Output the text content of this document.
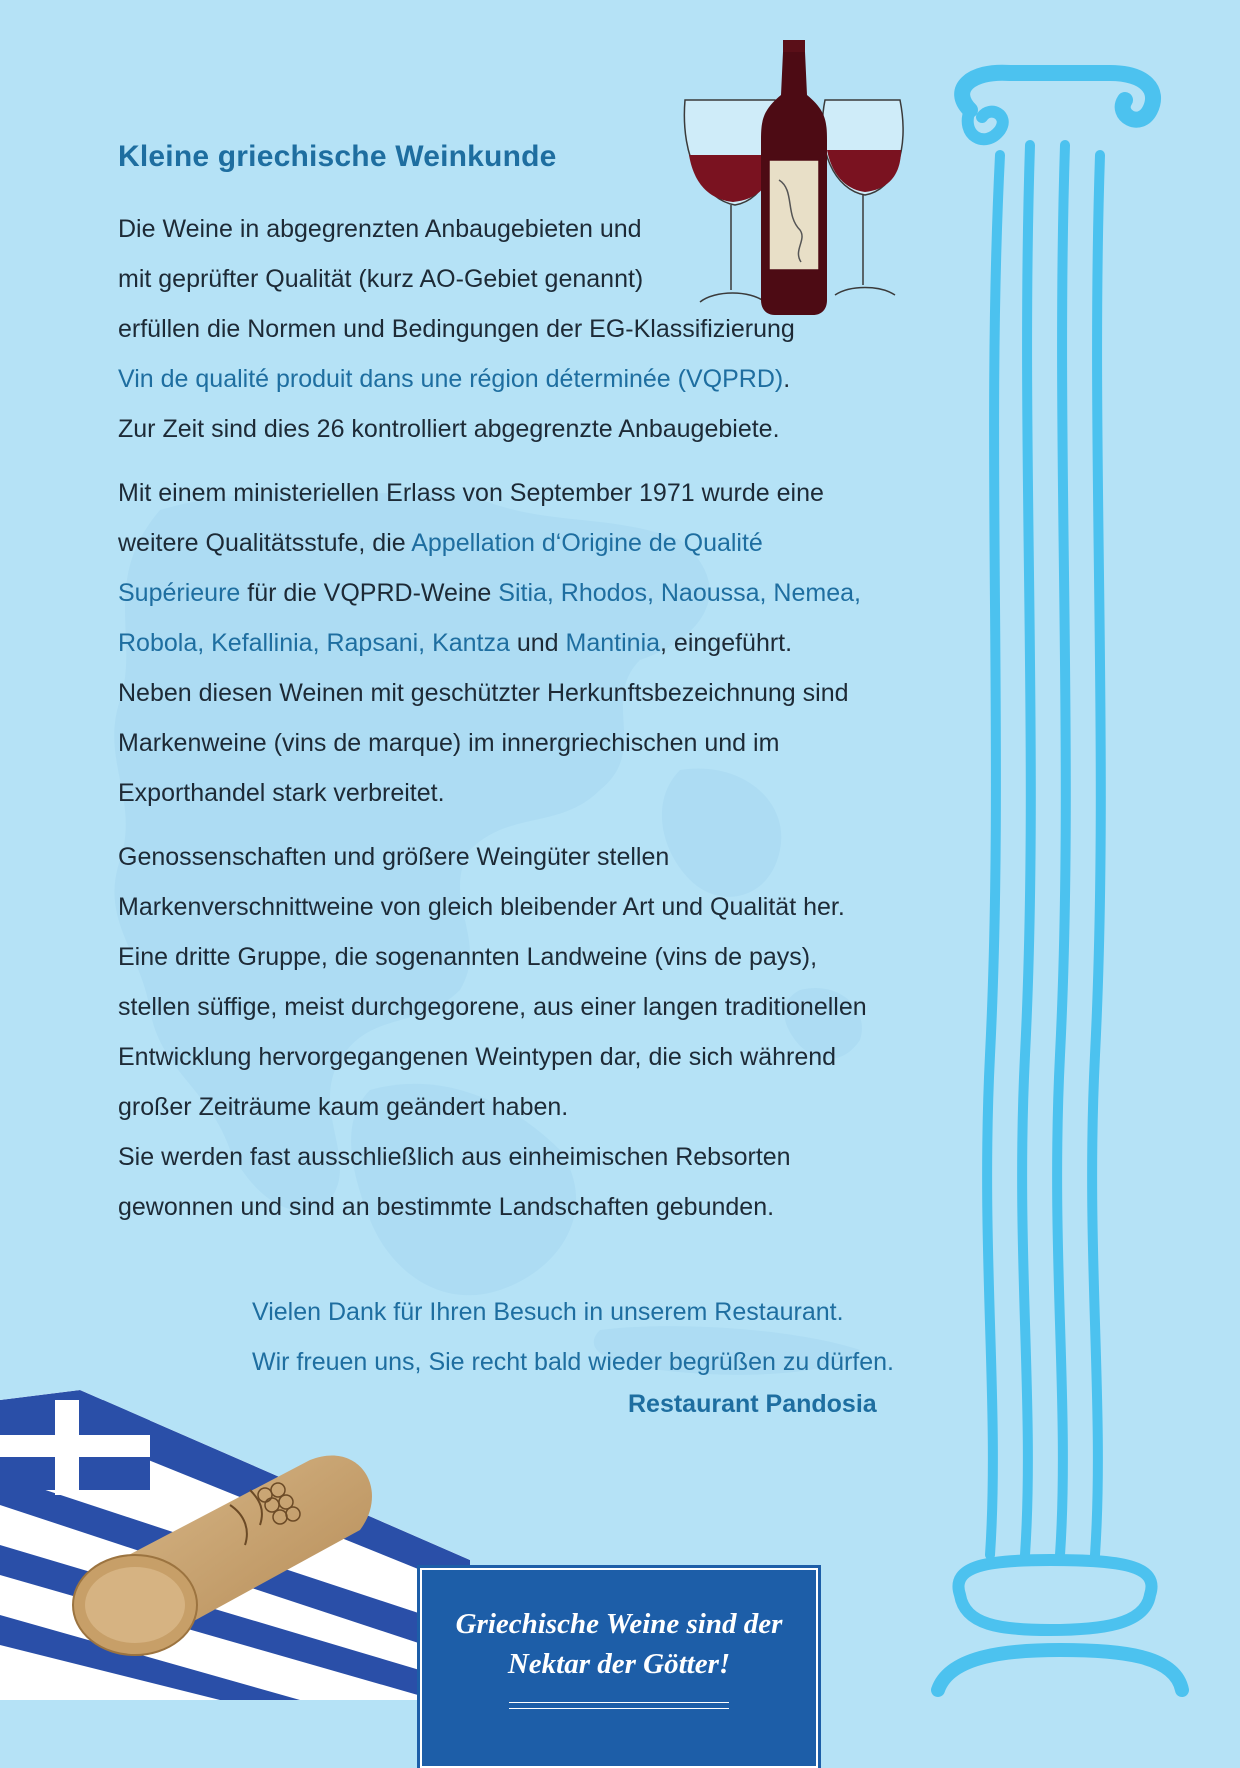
Kleine griechische Weinkunde
Die Weine in abgegrenzten Anbaugebieten und
mit geprüfter Qualität (kurz AO-Gebiet genannt)
erfüllen die Normen und Bedingungen der EG-Klassifizierung
Vin de qualité produit dans une région déterminée (VQPRD).
Zur Zeit sind dies 26 kontrolliert abgegrenzte Anbaugebiete.
Mit einem ministeriellen Erlass von September 1971 wurde eine
weitere Qualitätsstufe, die Appellation d‘Origine de Qualité
Supérieure für die VQPRD-Weine Sitia, Rhodos, Naoussa, Nemea,
Robola, Kefallinia, Rapsani, Kantza und Mantinia, eingeführt.
Neben diesen Weinen mit geschützter Herkunftsbezeichnung sind
Markenweine (vins de marque) im innergriechischen und im
Exporthandel stark verbreitet.
Genossenschaften und größere Weingüter stellen
Markenverschnittweine von gleich bleibender Art und Qualität her.
Eine dritte Gruppe, die sogenannten Landweine (vins de pays),
stellen süffige, meist durchgegorene, aus einer langen traditionellen
Entwicklung hervorgegangenen Weintypen dar, die sich während
großer Zeiträume kaum geändert haben.
Sie werden fast ausschließlich aus einheimischen Rebsorten
gewonnen und sind an bestimmte Landschaften gebunden.
Vielen Dank für Ihren Besuch in unserem Restaurant.
Wir freuen uns, Sie recht bald wieder begrüßen zu dürfen.
Restaurant Pandosia
Griechische Weine sind der
Nektar der Götter!
